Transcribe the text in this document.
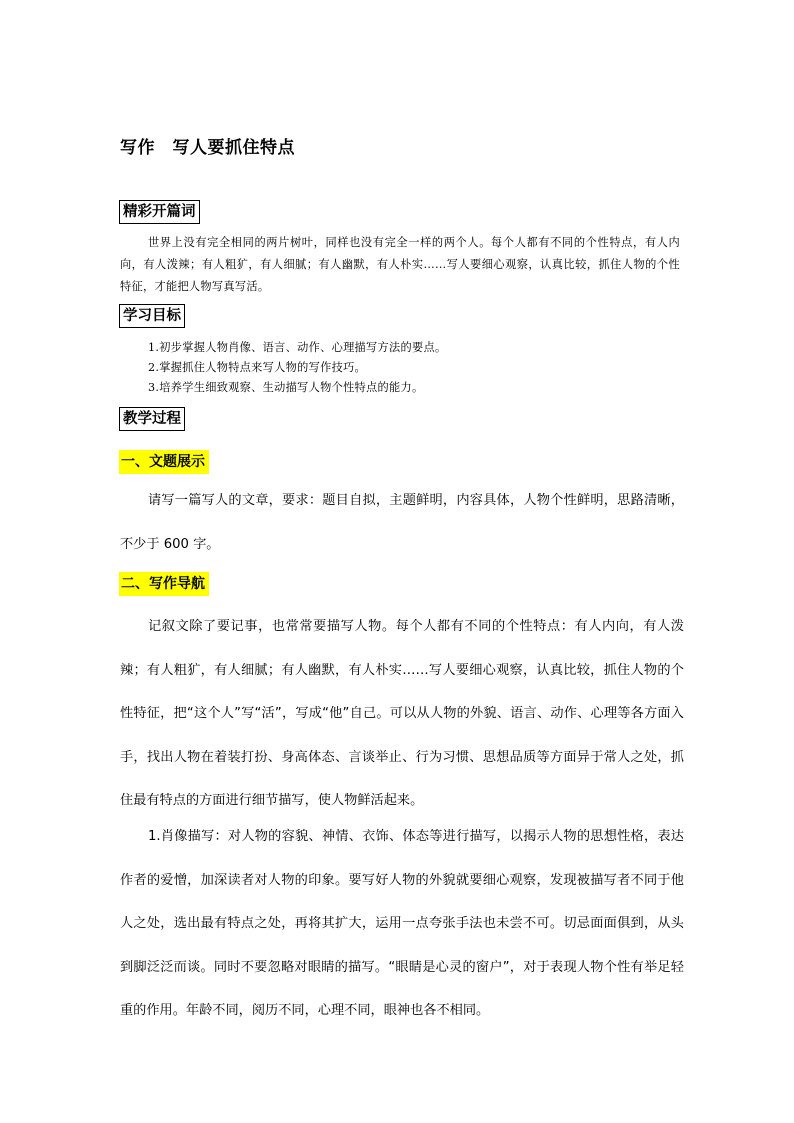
写作　写人要抓住特点
精彩开篇词
世界上没有完全相同的两片树叶，同样也没有完全一样的两个人。每个人都有不同的个性特点，有人内向，有人泼辣；有人粗犷，有人细腻；有人幽默，有人朴实……写人要细心观察，认真比较，抓住人物的个性特征，才能把人物写真写活。
学习目标
1.初步掌握人物肖像、语言、动作、心理描写方法的要点。
2.掌握抓住人物特点来写人物的写作技巧。
3.培养学生细致观察、生动描写人物个性特点的能力。
教学过程
一、文题展示
请写一篇写人的文章，要求：题目自拟，主题鲜明，内容具体，人物个性鲜明，思路清晰，不少于 600 字。
二、写作导航
记叙文除了要记事，也常常要描写人物。每个人都有不同的个性特点：有人内向，有人泼辣；有人粗犷，有人细腻；有人幽默，有人朴实……写人要细心观察，认真比较，抓住人物的个性特征，把“这个人”写“活”，写成“他”自己。可以从人物的外貌、语言、动作、心理等各方面入手，找出人物在着装打扮、身高体态、言谈举止、行为习惯、思想品质等方面异于常人之处，抓住最有特点的方面进行细节描写，使人物鲜活起来。
1.肖像描写：对人物的容貌、神情、衣饰、体态等进行描写，以揭示人物的思想性格，表达作者的爱憎，加深读者对人物的印象。要写好人物的外貌就要细心观察，发现被描写者不同于他人之处，选出最有特点之处，再将其扩大，运用一点夸张手法也未尝不可。切忌面面俱到，从头到脚泛泛而谈。同时不要忽略对眼睛的描写。“眼睛是心灵的窗户”，对于表现人物个性有举足轻重的作用。年龄不同，阅历不同，心理不同，眼神也各不相同。
